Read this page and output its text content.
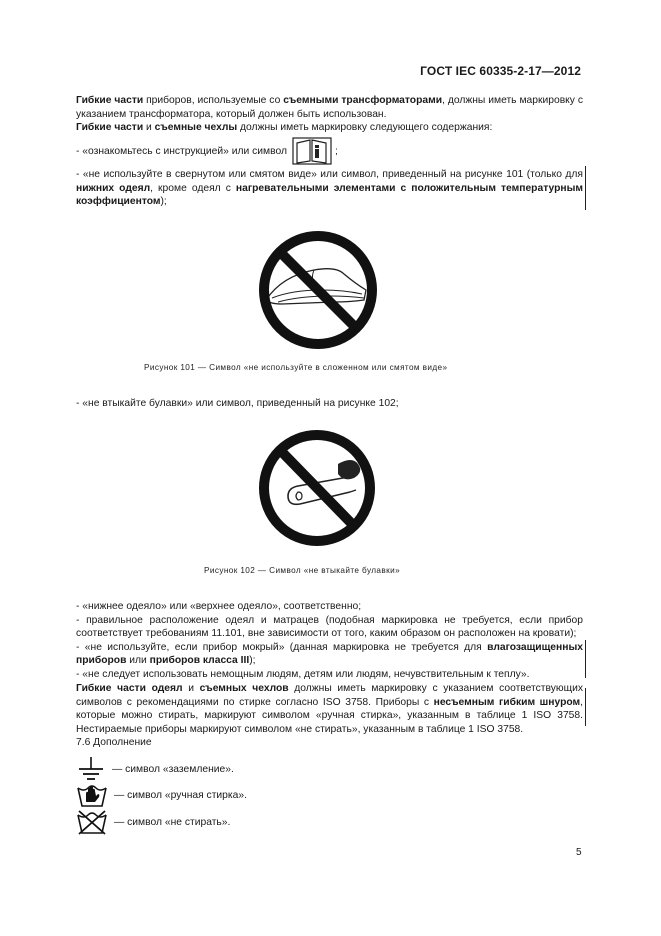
ГОСТ IEC 60335-2-17—2012

Гибкие части приборов, используемые со съемными трансформаторами, должны иметь маркировку с указанием трансформатора, который должен быть использован.

Гибкие части и съемные чехлы должны иметь маркировку следующего содержания:

- «ознакомьтесь с инструкцией» или символ	;

- «не используйте в свернутом или смятом виде» или символ, приведенный на рисунке 101 (только для нижних одеял, кроме одеял с нагревательными элементами с положительным температурным коэффициентом);

Рисунок 101 — Символ «не используйте в сложенном или смятом виде»

- «не втыкайте булавки» или символ, приведенный на рисунке 102;

Рисунок 102 — Символ «не втыкайте булавки»

- «нижнее одеяло» или «верхнее одеяло», соответственно;

- правильное расположение одеял и матрацев (подобная маркировка не требуется, если прибор соответствует требованиям 11.101, вне зависимости от того, каким образом он расположен на кровати);

- «не используйте, если прибор мокрый» (данная маркировка не требуется для влагозащищенных приборов или приборов класса III);

- «не следует использовать немощным людям, детям или людям, нечувствительным к теплу».

Гибкие части одеял и съемных чехлов должны иметь маркировку с указанием соответствующих символов с рекомендациями по стирке согласно ISO 3758. Приборы с несъемным гибким шнуром, которые можно стирать, маркируют символом «ручная стирка», указанным в таблице 1 ISO 3758. Нестираемые приборы маркируют символом «не стирать», указанным в таблице 1 ISO 3758.

7.6 Дополнение

— символ «заземление».
— символ «ручная стирка».
— символ «не стирать».
5
